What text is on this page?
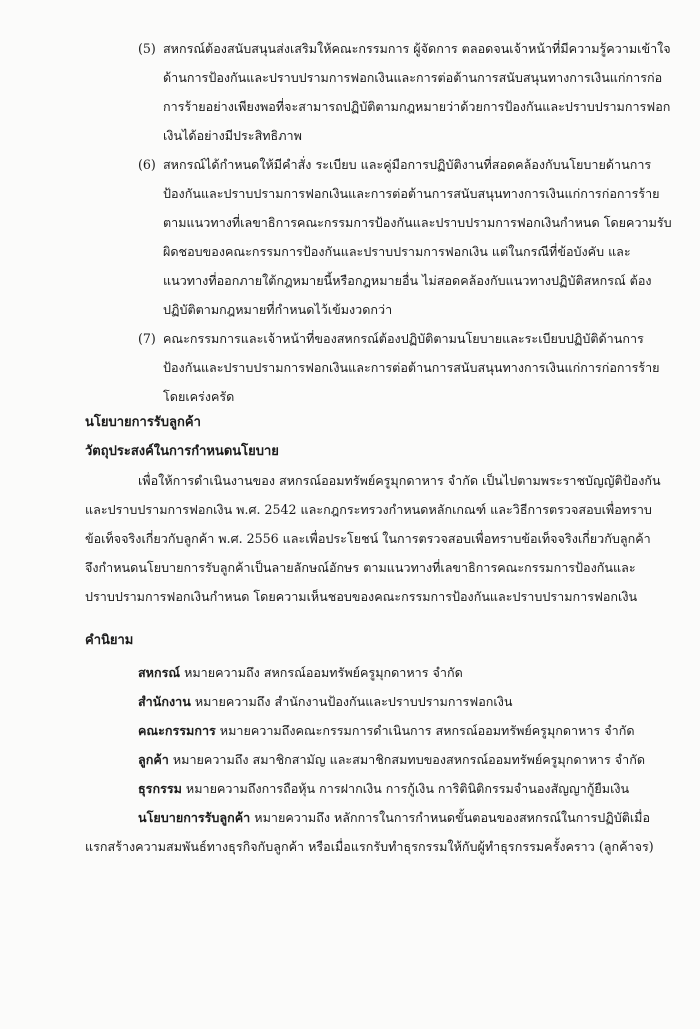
(5) สหกรณ์ต้องสนับสนุนส่งเสริมให้คณะกรรมการ ผู้จัดการ ตลอดจนเจ้าหน้าที่มีความรู้ความเข้าใจ
ด้านการป้องกันและปราบปรามการฟอกเงินและการต่อต้านการสนับสนุนทางการเงินแก่การก่อ
การร้ายอย่างเพียงพอที่จะสามารถปฏิบัติตามกฎหมายว่าด้วยการป้องกันและปราบปรามการฟอก
เงินได้อย่างมีประสิทธิภาพ
(6) สหกรณ์ได้กำหนดให้มีคำสั่ง ระเบียบ และคู่มือการปฏิบัติงานที่สอดคล้องกับนโยบายด้านการ
ป้องกันและปราบปรามการฟอกเงินและการต่อต้านการสนับสนุนทางการเงินแก่การก่อการร้าย
ตามแนวทางที่เลขาธิการคณะกรรมการป้องกันและปราบปรามการฟอกเงินกำหนด โดยความรับ
ผิดชอบของคณะกรรมการป้องกันและปราบปรามการฟอกเงิน แต่ในกรณีที่ข้อบังคับ และ
แนวทางที่ออกภายใต้กฎหมายนี้หรือกฎหมายอื่น ไม่สอดคล้องกับแนวทางปฏิบัติสหกรณ์ ต้อง
ปฏิบัติตามกฎหมายที่กำหนดไว้เข้มงวดกว่า
(7) คณะกรรมการและเจ้าหน้าที่ของสหกรณ์ต้องปฏิบัติตามนโยบายและระเบียบปฏิบัติด้านการ
ป้องกันและปราบปรามการฟอกเงินและการต่อต้านการสนับสนุนทางการเงินแก่การก่อการร้าย
โดยเคร่งครัด
นโยบายการรับลูกค้า
วัตถุประสงค์ในการกำหนดนโยบาย
เพื่อให้การดำเนินงานของ สหกรณ์ออมทรัพย์ครูมุกดาหาร จำกัด เป็นไปตามพระราชบัญญัติป้องกัน
และปราบปรามการฟอกเงิน พ.ศ. 2542 และกฎกระทรวงกำหนดหลักเกณฑ์ และวิธีการตรวจสอบเพื่อทราบ
ข้อเท็จจริงเกี่ยวกับลูกค้า พ.ศ. 2556 และเพื่อประโยชน์ ในการตรวจสอบเพื่อทราบข้อเท็จจริงเกี่ยวกับลูกค้า
จึงกำหนดนโยบายการรับลูกค้าเป็นลายลักษณ์อักษร ตามแนวทางที่เลขาธิการคณะกรรมการป้องกันและ
ปราบปรามการฟอกเงินกำหนด โดยความเห็นชอบของคณะกรรมการป้องกันและปราบปรามการฟอกเงิน
คำนิยาม
สหกรณ์ หมายความถึง สหกรณ์ออมทรัพย์ครูมุกดาหาร จำกัด
สำนักงาน หมายความถึง สำนักงานป้องกันและปราบปรามการฟอกเงิน
คณะกรรมการ หมายความถึงคณะกรรมการดำเนินการ สหกรณ์ออมทรัพย์ครูมุกดาหาร จำกัด
ลูกค้า หมายความถึง สมาชิกสามัญ และสมาชิกสมทบของสหกรณ์ออมทรัพย์ครูมุกดาหาร จำกัด
ธุรกรรม หมายความถึงการถือหุ้น การฝากเงิน การกู้เงิน การิตินิติกรรมจำนองสัญญากู้ยืมเงิน
นโยบายการรับลูกค้า หมายความถึง หลักการในการกำหนดขั้นตอนของสหกรณ์ในการปฏิบัติเมื่อ
แรกสร้างความสมพันธ์ทางธุรกิจกับลูกค้า หรือเมื่อแรกรับทำธุรกรรมให้กับผู้ทำธุรกรรมครั้งคราว (ลูกค้าจร)
